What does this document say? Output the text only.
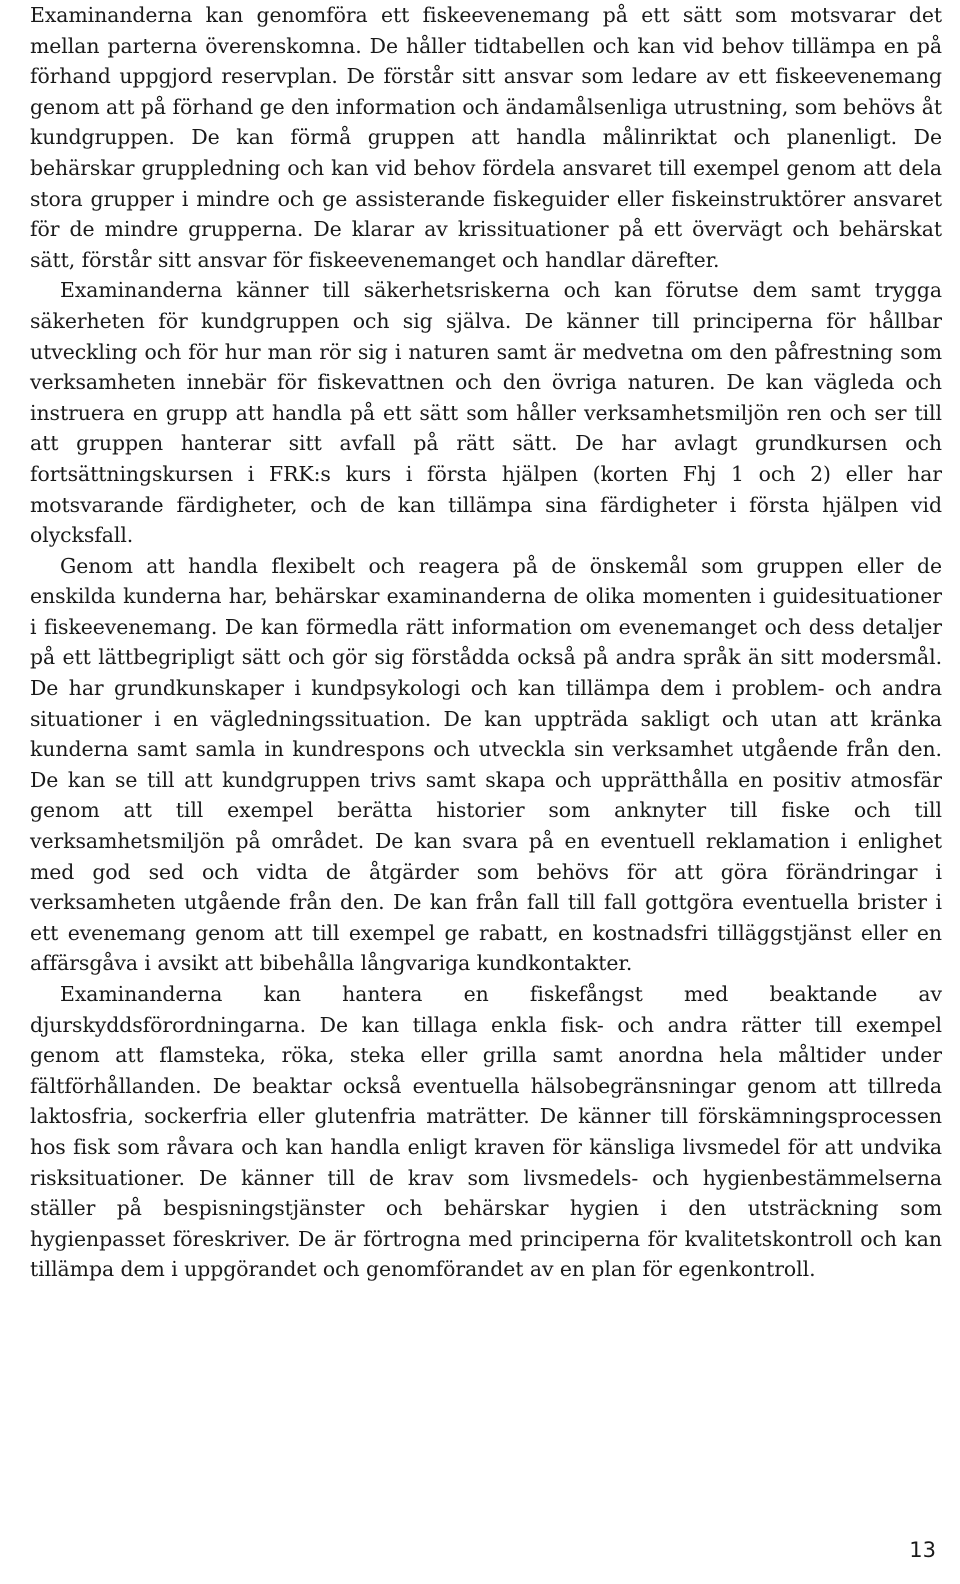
Examinanderna kan genomföra ett fiskeevenemang på ett sätt som motsvarar det mellan parterna överenskomna. De håller tidtabellen och kan vid behov tillämpa en på förhand uppgjord reservplan. De förstår sitt ansvar som ledare av ett fiskeevenemang genom att på förhand ge den information och ändamålsenliga utrustning, som behövs åt kundgruppen. De kan förmå gruppen att handla målinriktat och planenligt. De behärskar gruppledning och kan vid behov fördela ansvaret till exempel genom att dela stora grupper i mindre och ge assisterande fiskeguider eller fiskeinstruktörer ansvaret för de mindre grupperna. De klarar av krissituationer på ett övervägt och behärskat sätt, förstår sitt ansvar för fiskeevenemanget och handlar därefter.

Examinanderna känner till säkerhetsriskerna och kan förutse dem samt trygga säkerheten för kundgruppen och sig själva. De känner till principerna för hållbar utveckling och för hur man rör sig i naturen samt är medvetna om den påfrestning som verksamheten innebär för fiskevattnen och den övriga naturen. De kan vägleda och instruera en grupp att handla på ett sätt som håller verksamhetsmiljön ren och ser till att gruppen hanterar sitt avfall på rätt sätt. De har avlagt grundkursen och fortsättningskursen i FRK:s kurs i första hjälpen (korten Fhj 1 och 2) eller har motsvarande färdigheter, och de kan tillämpa sina färdigheter i första hjälpen vid olycksfall.

Genom att handla flexibelt och reagera på de önskemål som gruppen eller de enskilda kunderna har, behärskar examinanderna de olika momenten i guidesituationer i fiskeevenemang. De kan förmedla rätt information om evenemanget och dess detaljer på ett lättbegripligt sätt och gör sig förstådda också på andra språk än sitt modersmål. De har grundkunskaper i kundpsykologi och kan tillämpa dem i problem- och andra situationer i en vägledningssituation. De kan uppträda sakligt och utan att kränka kunderna samt samla in kundrespons och utveckla sin verksamhet utgående från den. De kan se till att kundgruppen trivs samt skapa och upprätthålla en positiv atmosfär genom att till exempel berätta historier som anknyter till fiske och till verksamhetsmiljön på området. De kan svara på en eventuell reklamation i enlighet med god sed och vidta de åtgärder som behövs för att göra förändringar i verksamheten utgående från den. De kan från fall till fall gottgöra eventuella brister i ett evenemang genom att till exempel ge rabatt, en kostnadsfri tilläggstjänst eller en affärsgåva i avsikt att bibehålla långvariga kundkontakter.

Examinanderna kan hantera en fiskefångst med beaktande av djurskyddsförordningarna. De kan tillaga enkla fisk- och andra rätter till exempel genom att flamsteka, röka, steka eller grilla samt anordna hela måltider under fältförhållanden. De beaktar också eventuella hälsobegränsningar genom att tillreda laktosfria, sockerfria eller glutenfria maträtter. De känner till förskämningsprocessen hos fisk som råvara och kan handla enligt kraven för känsliga livsmedel för att undvika risksituationer. De känner till de krav som livsmedels- och hygienbestämmelserna ställer på bespisningstjänster och behärskar hygien i den utsträckning som hygienpasset föreskriver. De är förtrogna med principerna för kvalitetskontroll och kan tillämpa dem i uppgörandet och genomförandet av en plan för egenkontroll.

13
